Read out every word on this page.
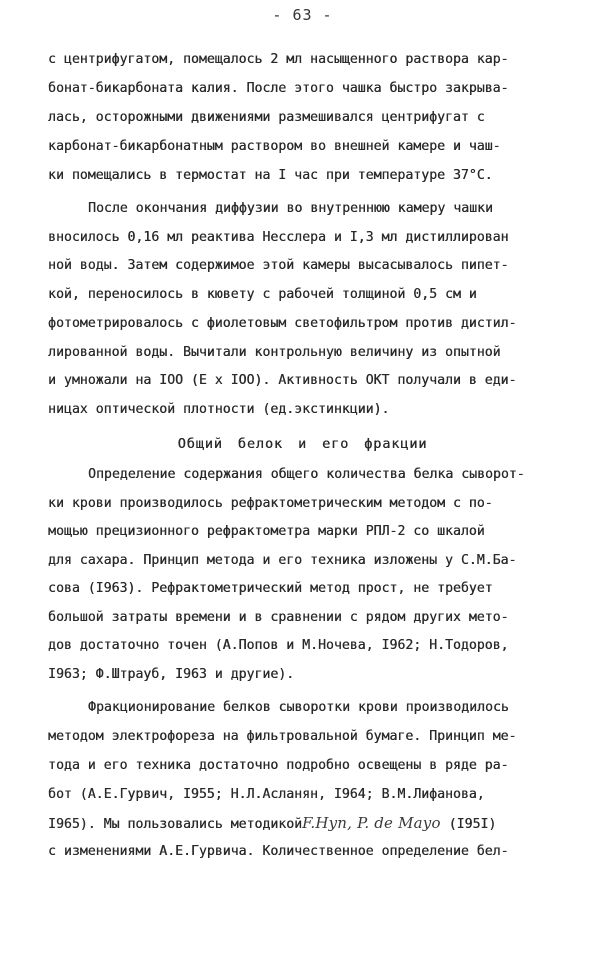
- 63 -
с центрифугатом, помещалось 2 мл насыщенного раствора кар-
бонат-бикарбоната калия. После этого чашка быстро закрыва-
лась, осторожными движениями размешивался центрифугат с
карбонат-бикарбонатным раствором во внешней камере и чаш-
ки помещались в термостат на I час при температуре 37°С.
После окончания диффузии во внутреннюю камеру чашки
вносилось 0,16 мл реактива Несслера и I,3 мл дистиллирован
ной воды. Затем содержимое этой камеры высасывалось пипет-
кой, переносилось в кювету с рабочей толщиной 0,5 см и
фотометрировалось с фиолетовым светофильтром против дистил-
лированной воды. Вычитали контрольную величину из опытной
и умножали на IOO (Е х IOO). Активность ОКТ получали в еди-
ницах оптической плотности (ед.экстинкции).
Общий белок и его фракции
Определение содержания общего количества белка сыворот-
ки крови производилось рефрактометрическим методом с по-
мощью прецизионного рефрактометра марки РПЛ-2 со шкалой
для сахара. Принцип метода и его техника изложены у С.М.Ба-
сова (I963). Рефрактометрический метод прост, не требует
большой затраты времени и в сравнении с рядом других мето-
дов достаточно точен (А.Попов и М.Ночева, I962; Н.Тодоров,
I963; Ф.Штрауб, I963 и другие).
Фракционирование белков сыворотки крови производилось
методом электрофореза на фильтровальной бумаге. Принцип ме-
тода и его техника достаточно подробно освещены в ряде ра-
бот (А.Е.Гурвич, I955; Н.Л.Асланян, I964; В.М.Лифанова,
I965). Мы пользовались методикойF.Hyn, P. de Mayo (I95I)
с изменениями А.Е.Гурвича. Количественное определение бел-
